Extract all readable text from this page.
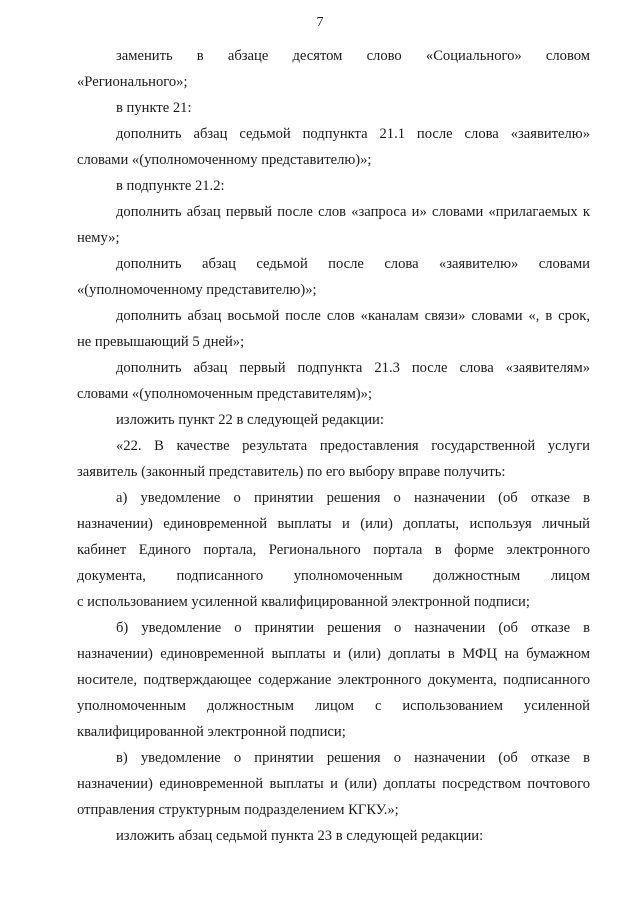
7
заменить в абзаце десятом слово «Социального» словом
«Регионального»;
в пункте 21:
дополнить абзац седьмой подпункта 21.1 после слова «заявителю»
словами «(уполномоченному представителю)»;
в подпункте 21.2:
дополнить абзац первый после слов «запроса и» словами «прилагаемых к
нему»;
дополнить абзац седьмой после слова «заявителю» словами
«(уполномоченному представителю)»;
дополнить абзац восьмой после слов «каналам связи» словами «, в срок,
не превышающий 5 дней»;
дополнить абзац первый подпункта 21.3 после слова «заявителям»
словами «(уполномоченным представителям)»;
изложить пункт 22 в следующей редакции:
«22. В качестве результата предоставления государственной услуги
заявитель (законный представитель) по его выбору вправе получить:
а) уведомление о принятии решения о назначении (об отказе в
назначении) единовременной выплаты и (или) доплаты, используя личный
кабинет Единого портала, Регионального портала в форме электронного
документа, подписанного уполномоченным должностным лицом
с использованием усиленной квалифицированной электронной подписи;
б) уведомление о принятии решения о назначении (об отказе в
назначении) единовременной выплаты и (или) доплаты в МФЦ на бумажном
носителе, подтверждающее содержание электронного документа, подписанного
уполномоченным должностным лицом с использованием усиленной
квалифицированной электронной подписи;
в) уведомление о принятии решения о назначении (об отказе в
назначении) единовременной выплаты и (или) доплаты посредством почтового
отправления структурным подразделением КГКУ.»;
изложить абзац седьмой пункта 23 в следующей редакции:
